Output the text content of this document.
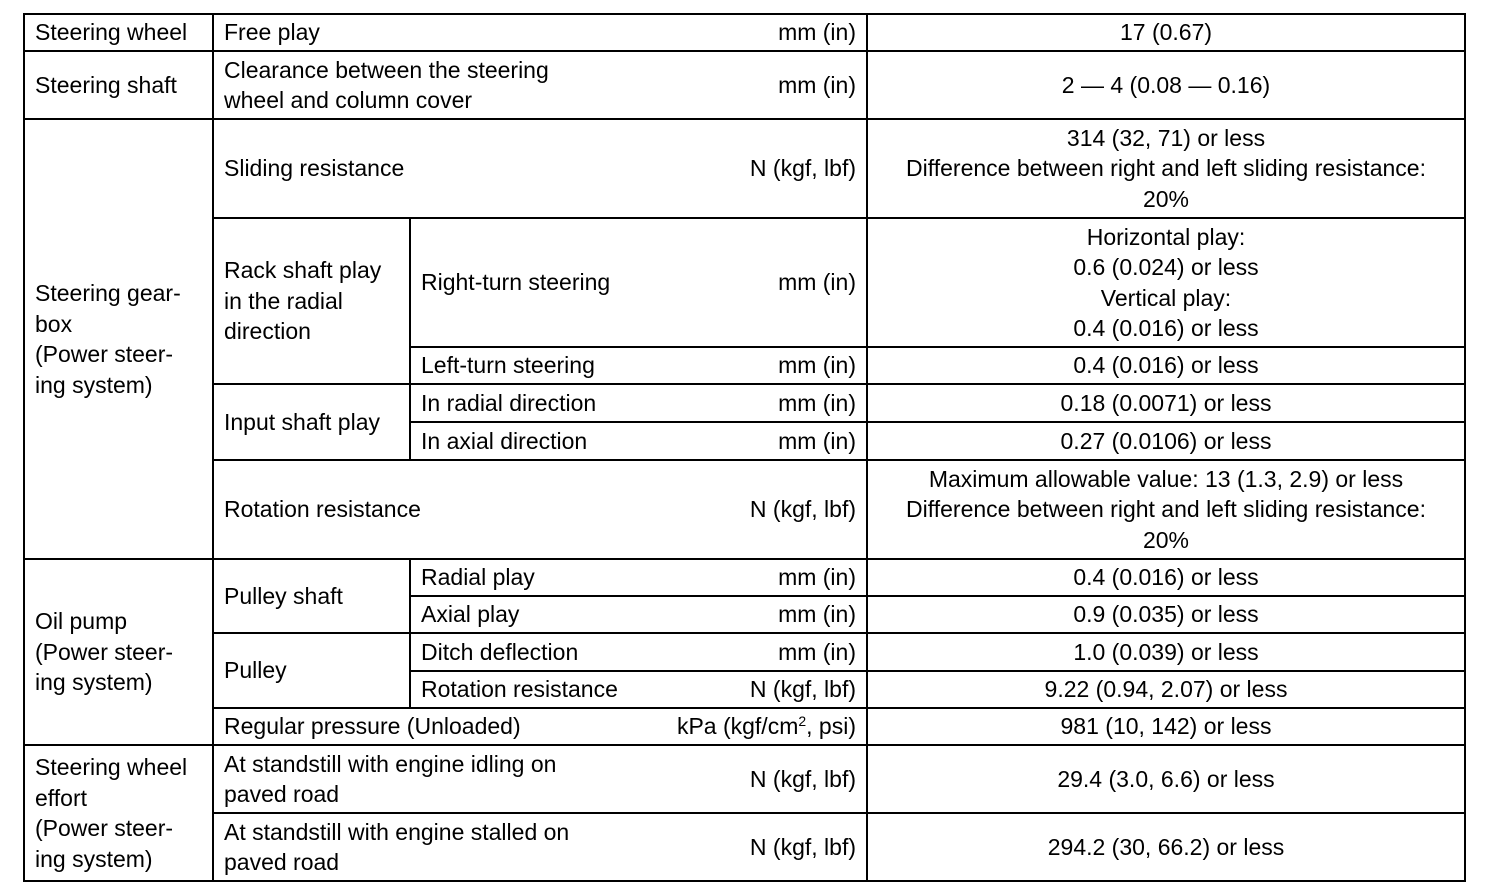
Steering wheel	Free play		mm (in)	17 (0.67)
Steering shaft	Clearance between the steering
wheel and column cover		mm (in)	2 — 4 (0.08 — 0.16)
Steering gear-
box
(Power steer-
ing system)	Sliding resistance		N (kgf, lbf)	314 (32, 71) or less
Difference between right and left sliding resistance:
20%
	Rack shaft play
in the radial
direction	Right-turn steering	mm (in)	Horizontal play:
0.6 (0.024) or less
Vertical play:
0.4 (0.016) or less
		Left-turn steering	mm (in)	0.4 (0.016) or less
	Input shaft play	In radial direction	mm (in)	0.18 (0.0071) or less
		In axial direction	mm (in)	0.27 (0.0106) or less
	Rotation resistance		N (kgf, lbf)	Maximum allowable value: 13 (1.3, 2.9) or less
Difference between right and left sliding resistance:
20%
Oil pump
(Power steer-
ing system)	Pulley shaft	Radial play	mm (in)	0.4 (0.016) or less
		Axial play	mm (in)	0.9 (0.035) or less
	Pulley	Ditch deflection	mm (in)	1.0 (0.039) or less
		Rotation resistance	N (kgf, lbf)	9.22 (0.94, 2.07) or less
	Regular pressure (Unloaded)		kPa ($kgf/cm^2$, psi)	981 (10, 142) or less
Steering wheel
effort
(Power steer-
ing system)	At standstill with engine idling on
paved road		N (kgf, lbf)	29.4 (3.0, 6.6) or less
	At standstill with engine stalled on
paved road		N (kgf, lbf)	294.2 (30, 66.2) or less
